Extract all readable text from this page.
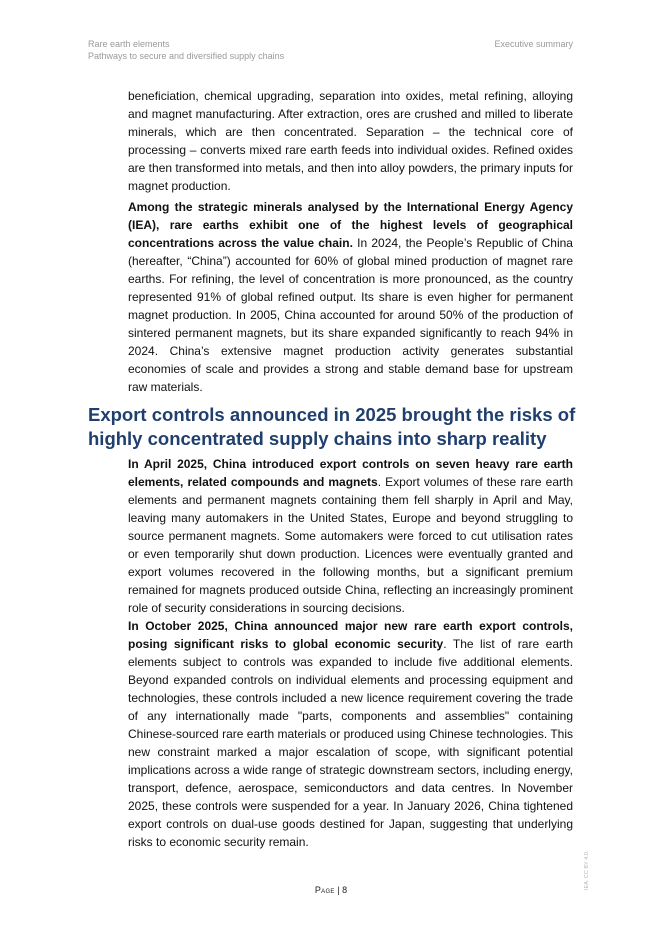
Rare earth elements
Pathways to secure and diversified supply chains
Executive summary

beneficiation, chemical upgrading, separation into oxides, metal refining, alloying and magnet manufacturing. After extraction, ores are crushed and milled to liberate minerals, which are then concentrated. Separation – the technical core of processing – converts mixed rare earth feeds into individual oxides. Refined oxides are then transformed into metals, and then into alloy powders, the primary inputs for magnet production.

Among the strategic minerals analysed by the International Energy Agency (IEA), rare earths exhibit one of the highest levels of geographical concentrations across the value chain. In 2024, the People’s Republic of China (hereafter, “China”) accounted for 60% of global mined production of magnet rare earths. For refining, the level of concentration is more pronounced, as the country represented 91% of global refined output. Its share is even higher for permanent magnet production. In 2005, China accounted for around 50% of the production of sintered permanent magnets, but its share expanded significantly to reach 94% in 2024. China’s extensive magnet production activity generates substantial economies of scale and provides a strong and stable demand base for upstream raw materials.

Export controls announced in 2025 brought the risks of highly concentrated supply chains into sharp reality

In April 2025, China introduced export controls on seven heavy rare earth elements, related compounds and magnets. Export volumes of these rare earth elements and permanent magnets containing them fell sharply in April and May, leaving many automakers in the United States, Europe and beyond struggling to source permanent magnets. Some automakers were forced to cut utilisation rates or even temporarily shut down production. Licences were eventually granted and export volumes recovered in the following months, but a significant premium remained for magnets produced outside China, reflecting an increasingly prominent role of security considerations in sourcing decisions.

In October 2025, China announced major new rare earth export controls, posing significant risks to global economic security. The list of rare earth elements subject to controls was expanded to include five additional elements. Beyond expanded controls on individual elements and processing equipment and technologies, these controls included a new licence requirement covering the trade of any internationally made "parts, components and assemblies" containing Chinese-sourced rare earth materials or produced using Chinese technologies. This new constraint marked a major escalation of scope, with significant potential implications across a wide range of strategic downstream sectors, including energy, transport, defence, aerospace, semiconductors and data centres. In November 2025, these controls were suspended for a year. In January 2026, China tightened export controls on dual-use goods destined for Japan, suggesting that underlying risks to economic security remain.

Page | 8	IEA. CC BY 4.0.
